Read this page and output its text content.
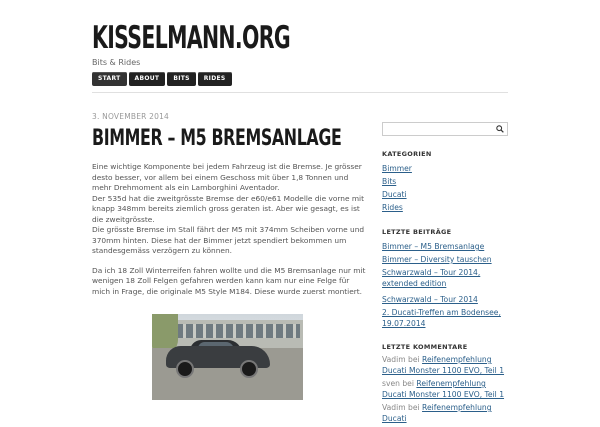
KISSELMANN.ORG
Bits & Rides
START	ABOUT	BITS	RIDES
3. NOVEMBER 2014
BIMMER – M5 BREMSANLAGE

Eine wichtige Komponente bei jedem Fahrzeug ist die Bremse. Je grösser desto besser, vor allem bei einem Geschoss mit über 1,8 Tonnen und mehr Drehmoment als ein Lamborghini Aventador.
Der 535d hat die zweitgrösste Bremse der e60/e61 Modelle die vorne mit knapp 348mm bereits ziemlich gross geraten ist. Aber wie gesagt, es ist die zweitgrösste.
Die grösste Bremse im Stall fährt der M5 mit 374mm Scheiben vorne und 370mm hinten. Diese hat der Bimmer jetzt spendiert bekommen um standesgemäss verzögern zu können.

Da ich 18 Zoll Winterreifen fahren wollte und die M5 Bremsanlage nur mit wenigen 18 Zoll Felgen gefahren werden kann kam nur eine Felge für mich in Frage, die originale M5 Style M184. Diese wurde zuerst montiert.

KATEGORIEN
Bimmer
Bits
Ducati
Rides
LETZTE BEITRÄGE
Bimmer – M5 Bremsanlage
Bimmer – Diversity tauschen
Schwarzwald – Tour 2014, extended edition
Schwarzwald – Tour 2014
2. Ducati-Treffen am Bodensee, 19.07.2014
LETZTE KOMMENTARE
Vadim bei Reifenempfehlung Ducati Monster 1100 EVO, Teil 1
sven bei Reifenempfehlung Ducati Monster 1100 EVO, Teil 1
Vadim bei Reifenempfehlung Ducati
